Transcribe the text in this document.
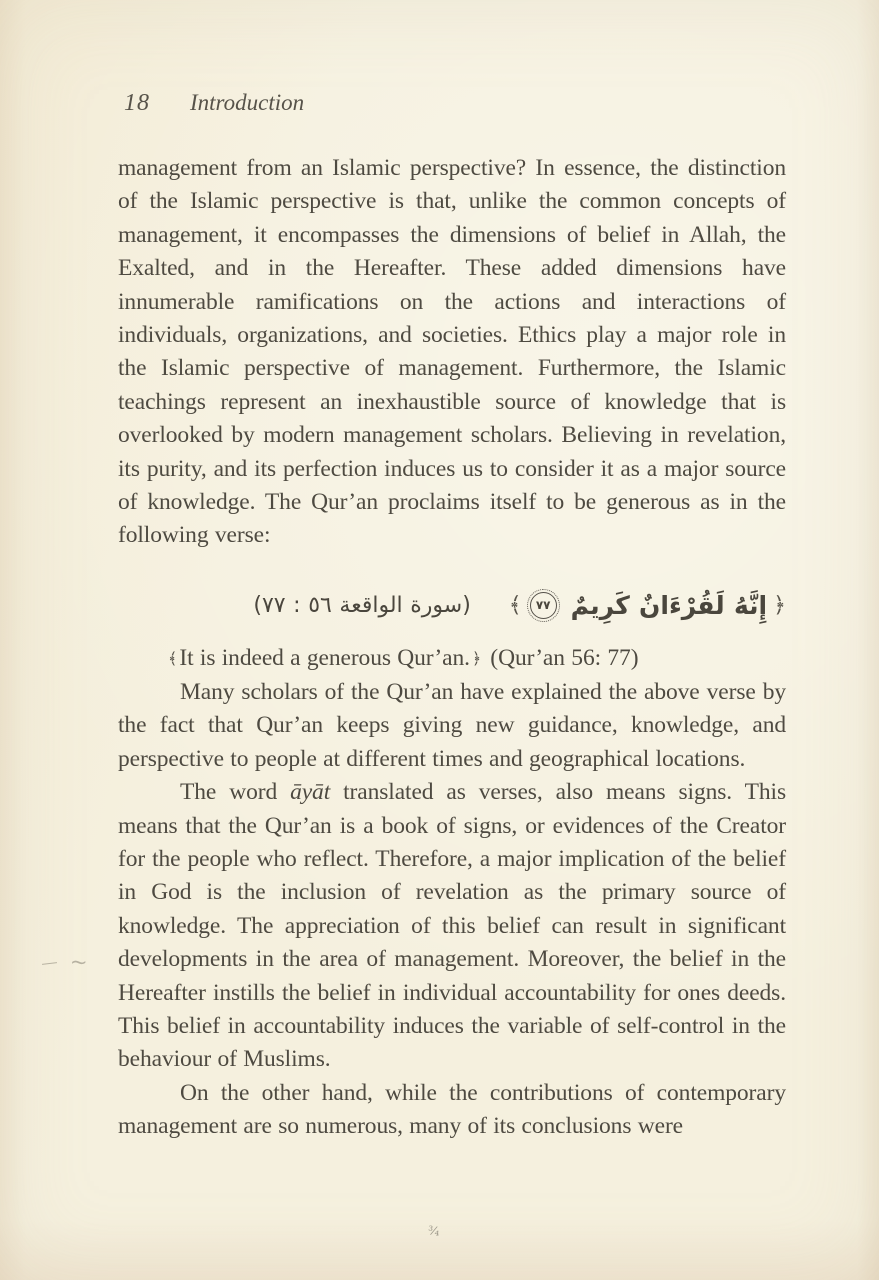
18 Introduction

management from an Islamic perspective? In essence, the distinction of the Islamic perspective is that, unlike the common concepts of management, it encompasses the dimensions of belief in Allah, the Exalted, and in the Hereafter. These added dimensions have innumerable ramifications on the actions and interactions of individuals, organizations, and societies. Ethics play a major role in the Islamic perspective of management. Furthermore, the Islamic teachings represent an inexhaustible source of knowledge that is overlooked by modern management scholars. Believing in revelation, its purity, and its perfection induces us to consider it as a major source of knowledge. The Qur’an proclaims itself to be generous as in the following verse:

﴿
إِنَّهُ لَقُرْءَانٌ كَرِيمٌ
٧٧
﴾
(سورة الواقعة ٥٦ : ٧٧)
﴾It is indeed a generous Qur’an. ﴿ (Qur’an 56: 77)

Many scholars of the Qur’an have explained the above verse by the fact that Qur’an keeps giving new guidance, knowledge, and perspective to people at different times and geographical locations.

The word āyāt translated as verses, also means signs. This means that the Qur’an is a book of signs, or evidences of the Creator for the people who reflect. Therefore, a major implication of the belief in God is the inclusion of revelation as the primary source of knowledge. The appreciation of this belief can result in significant developments in the area of management. Moreover, the belief in the Hereafter instills the belief in individual accountability for ones deeds. This belief in accountability induces the variable of self-control in the behaviour of Muslims.

On the other hand, while the contributions of contemporary management are so numerous, many of its conclusions were

~
¾
